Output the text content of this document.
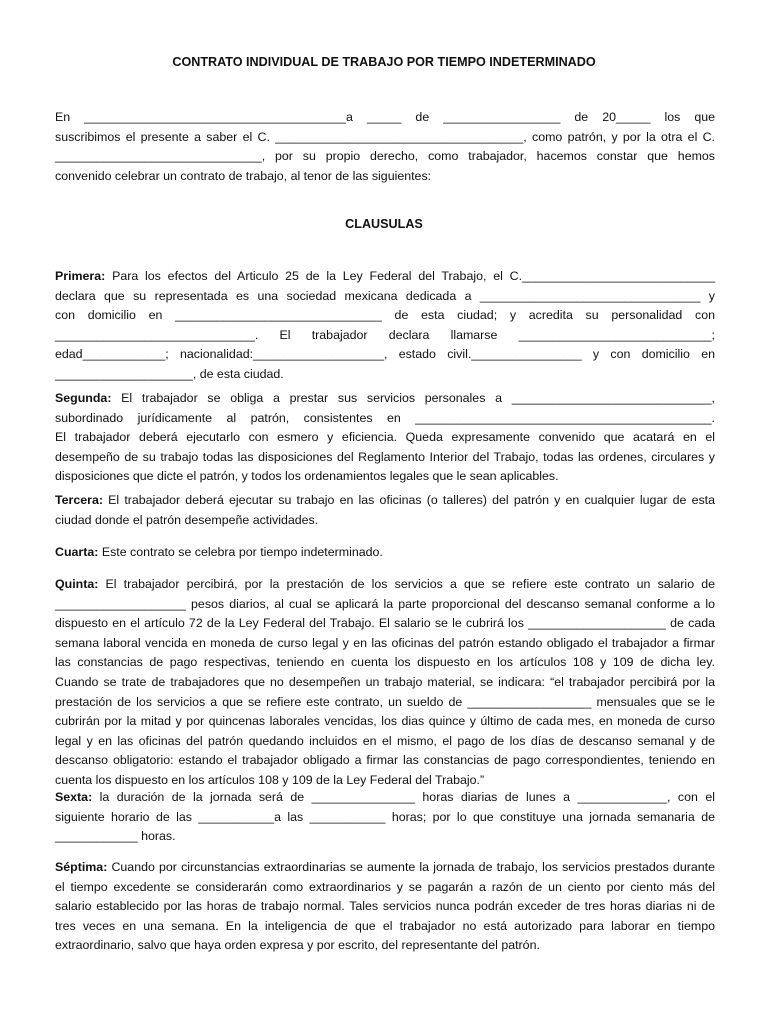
CONTRATO INDIVIDUAL DE TRABAJO POR TIEMPO INDETERMINADO
CLAUSULAS
En ______________________________________a _____ de _________________ de 20_____ los que
suscribimos el presente a saber el C. ____________________________________, como patrón, y por la otra el C.
______________________________, por su propio derecho, como trabajador, hacemos constar que hemos
convenido celebrar un contrato de trabajo, al tenor de las siguientes:
Primera: Para los efectos del Articulo 25 de la Ley Federal del Trabajo, el C.____________________________
declara que su representada es una sociedad mexicana dedicada a ________________________________ y
con domicilio en ______________________________ de esta ciudad; y acredita su personalidad con
_____________________________. El trabajador declara llamarse ____________________________;
edad____________; nacionalidad:___________________, estado civil.________________ y con domicilio en
____________________, de esta ciudad.
Segunda: El trabajador se obliga a prestar sus servicios personales a _____________________________,
subordinado jurídicamente al patrón, consistentes en ___________________________________________.
El trabajador deberá ejecutarlo con esmero y eficiencia. Queda expresamente convenido que acatará en el
desempeño de su trabajo todas las disposiciones del Reglamento Interior del Trabajo, todas las ordenes, circulares y
disposiciones que dicte el patrón, y todos los ordenamientos legales que le sean aplicables.
Tercera: El trabajador deberá ejecutar su trabajo en las oficinas (o talleres) del patrón y en cualquier lugar de esta
ciudad donde el patrón desempeñe actividades.
Cuarta: Este contrato se celebra por tiempo indeterminado.
Quinta: El trabajador percibirá, por la prestación de los servicios a que se refiere este contrato un salario de
___________________ pesos diarios, al cual se aplicará la parte proporcional del descanso semanal conforme a lo
dispuesto en el artículo 72 de la Ley Federal del Trabajo. El salario se le cubrirá los ____________________ de cada
semana laboral vencida en moneda de curso legal y en las oficinas del patrón estando obligado el trabajador a firmar
las constancias de pago respectivas, teniendo en cuenta los dispuesto en los artículos 108 y 109 de dicha ley.
Cuando se trate de trabajadores que no desempeñen un trabajo material, se indicara: “el trabajador percibirá por la
prestación de los servicios a que se refiere este contrato, un sueldo de __________________ mensuales que se le
cubrirán por la mitad y por quincenas laborales vencidas, los dias quince y último de cada mes, en moneda de curso
legal y en las oficinas del patrón quedando incluidos en el mismo, el pago de los días de descanso semanal y de
descanso obligatorio: estando el trabajador obligado a firmar las constancias de pago correspondientes, teniendo en
cuenta los dispuesto en los artículos 108 y 109 de la Ley Federal del Trabajo.”
Sexta: la duración de la jornada será de _______________ horas diarias de lunes a _____________, con el
siguiente horario de las ___________a las ___________ horas; por lo que constituye una jornada semanaria de
____________ horas.
Séptima: Cuando por circunstancias extraordinarias se aumente la jornada de trabajo, los servicios prestados durante
el tiempo excedente se considerarán como extraordinarios y se pagarán a razón de un ciento por ciento más del
salario establecido por las horas de trabajo normal. Tales servicios nunca podrán exceder de tres horas diarias ni de
tres veces en una semana. En la inteligencia de que el trabajador no está autorizado para laborar en tiempo
extraordinario, salvo que haya orden expresa y por escrito, del representante del patrón.
